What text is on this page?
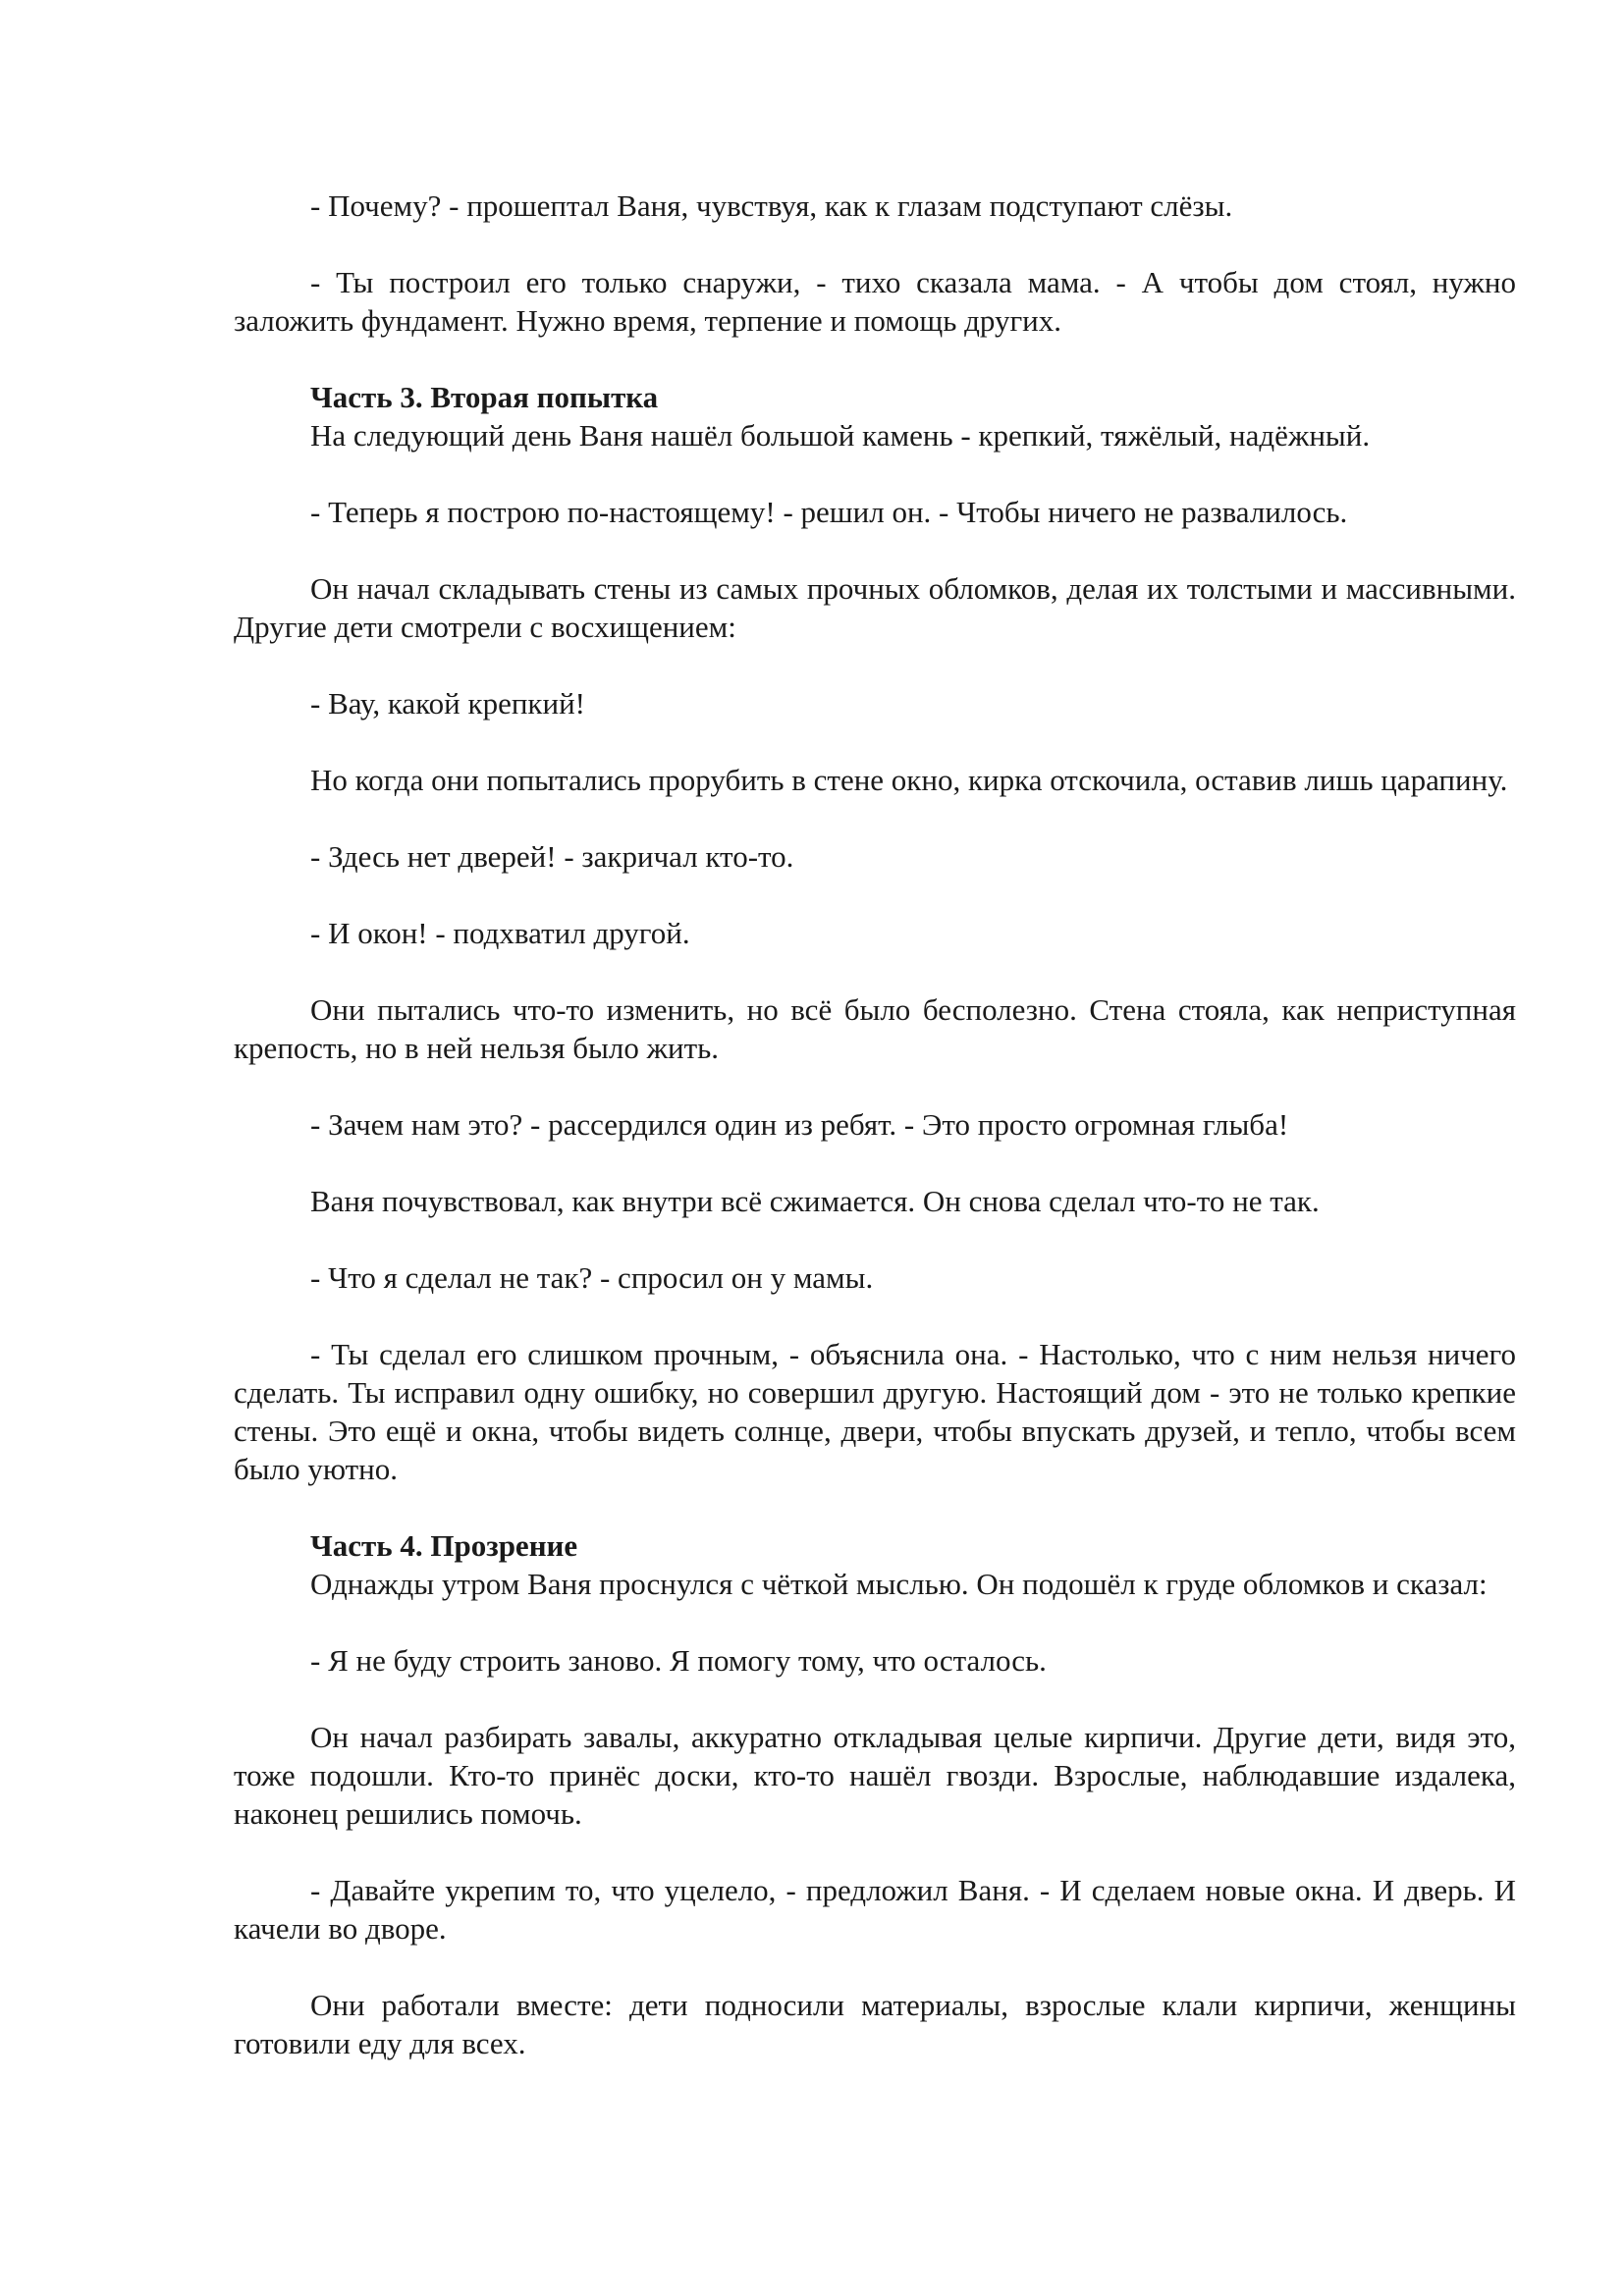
- Почему? - прошептал Ваня, чувствуя, как к глазам подступают слёзы.

- Ты построил его только снаружи, - тихо сказала мама. - А чтобы дом стоял, нужно заложить фундамент. Нужно время, терпение и помощь других.

Часть 3. Вторая попытка

На следующий день Ваня нашёл большой камень - крепкий, тяжёлый, надёжный.

- Теперь я построю по-настоящему! - решил он. - Чтобы ничего не развалилось.

Он начал складывать стены из самых прочных обломков, делая их толстыми и массивными. Другие дети смотрели с восхищением:

- Вау, какой крепкий!

Но когда они попытались прорубить в стене окно, кирка отскочила, оставив лишь царапину.

- Здесь нет дверей! - закричал кто-то.

- И окон! - подхватил другой.

Они пытались что-то изменить, но всё было бесполезно. Стена стояла, как неприступная крепость, но в ней нельзя было жить.

- Зачем нам это? - рассердился один из ребят. - Это просто огромная глыба!

Ваня почувствовал, как внутри всё сжимается. Он снова сделал что-то не так.

- Что я сделал не так? - спросил он у мамы.

- Ты сделал его слишком прочным, - объяснила она. - Настолько, что с ним нельзя ничего сделать. Ты исправил одну ошибку, но совершил другую. Настоящий дом - это не только крепкие стены. Это ещё и окна, чтобы видеть солнце, двери, чтобы впускать друзей, и тепло, чтобы всем было уютно.

Часть 4. Прозрение

Однажды утром Ваня проснулся с чёткой мыслью. Он подошёл к груде обломков и сказал:

- Я не буду строить заново. Я помогу тому, что осталось.

Он начал разбирать завалы, аккуратно откладывая целые кирпичи. Другие дети, видя это, тоже подошли. Кто-то принёс доски, кто-то нашёл гвозди. Взрослые, наблюдавшие издалека, наконец решились помочь.

- Давайте укрепим то, что уцелело, - предложил Ваня. - И сделаем новые окна. И дверь. И качели во дворе.

Они работали вместе: дети подносили материалы, взрослые клали кирпичи, женщины готовили еду для всех.
